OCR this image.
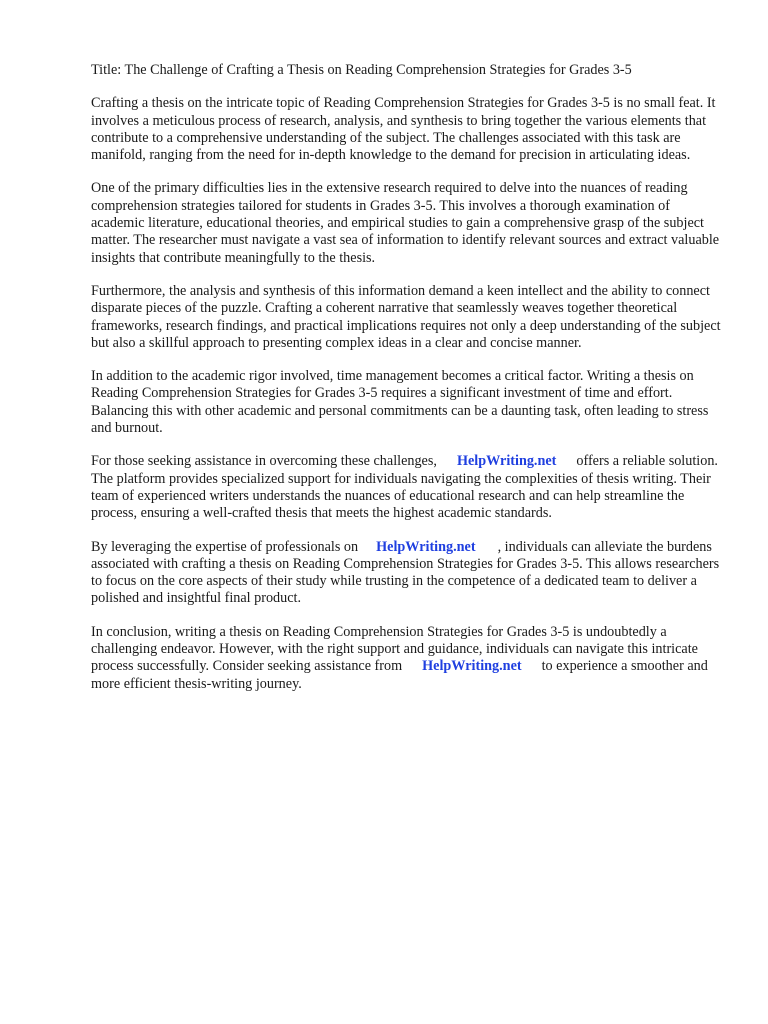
Title: The Challenge of Crafting a Thesis on Reading Comprehension Strategies for Grades 3-5

Crafting a thesis on the intricate topic of Reading Comprehension Strategies for Grades 3-5 is no small feat. It involves a meticulous process of research, analysis, and synthesis to bring together the various elements that contribute to a comprehensive understanding of the subject. The challenges associated with this task are manifold, ranging from the need for in-depth knowledge to the demand for precision in articulating ideas.

One of the primary difficulties lies in the extensive research required to delve into the nuances of reading comprehension strategies tailored for students in Grades 3-5. This involves a thorough examination of academic literature, educational theories, and empirical studies to gain a comprehensive grasp of the subject matter. The researcher must navigate a vast sea of information to identify relevant sources and extract valuable insights that contribute meaningfully to the thesis.

Furthermore, the analysis and synthesis of this information demand a keen intellect and the ability to connect disparate pieces of the puzzle. Crafting a coherent narrative that seamlessly weaves together theoretical frameworks, research findings, and practical implications requires not only a deep understanding of the subject but also a skillful approach to presenting complex ideas in a clear and concise manner.

In addition to the academic rigor involved, time management becomes a critical factor. Writing a thesis on Reading Comprehension Strategies for Grades 3-5 requires a significant investment of time and effort. Balancing this with other academic and personal commitments can be a daunting task, often leading to stress and burnout.

For those seeking assistance in overcoming these challenges, HelpWriting.net offers a reliable solution. The platform provides specialized support for individuals navigating the complexities of thesis writing. Their team of experienced writers understands the nuances of educational research and can help streamline the process, ensuring a well-crafted thesis that meets the highest academic standards.

By leveraging the expertise of professionals on HelpWriting.net , individuals can alleviate the burdens associated with crafting a thesis on Reading Comprehension Strategies for Grades 3-5. This allows researchers to focus on the core aspects of their study while trusting in the competence of a dedicated team to deliver a polished and insightful final product.

In conclusion, writing a thesis on Reading Comprehension Strategies for Grades 3-5 is undoubtedly a challenging endeavor. However, with the right support and guidance, individuals can navigate this intricate process successfully. Consider seeking assistance from HelpWriting.net to experience a smoother and more efficient thesis-writing journey.
